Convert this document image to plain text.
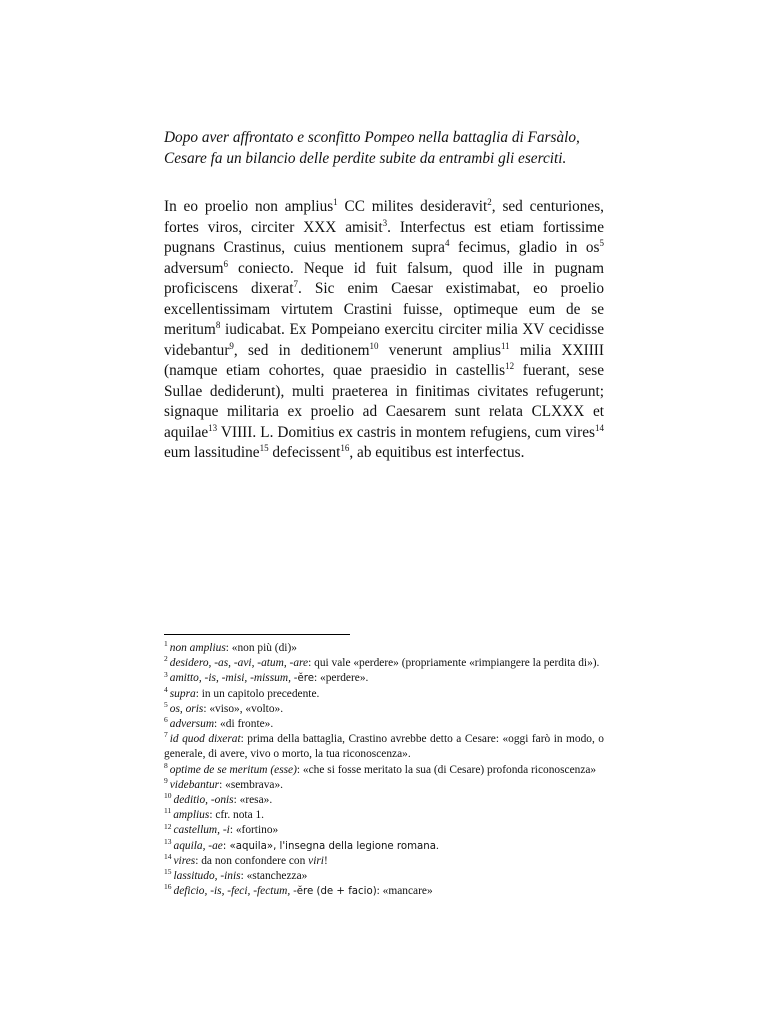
Dopo aver affrontato e sconfitto Pompeo nella battaglia di Farsàlo, Cesare fa un bilancio delle perdite subite da entrambi gli eserciti.
In eo proelio non amplius$^1$ CC milites desideravit$^2$, sed centuriones, fortes viros, circiter XXX amisit$^3$. Interfectus est etiam fortissime pugnans Crastinus, cuius mentionem supra$^4$ fecimus, gladio in $os^5$ adversum$^6$ coniecto. Neque id fuit falsum, quod ille in pugnam proficiscens dixerat$^7$. Sic enim Caesar existimabat, eo proelio excellentissimam virtutem Crastini fuisse, optimeque eum de se meritum$^8$ iudicabat. Ex Pompeiano exercitu circiter milia XV cecidisse videbantur$^9$, sed in deditionem$^{10}$ venerunt amplius$^{11}$ milia XXIIII (namque etiam cohortes, quae praesidio in castellis$^{12}$ fuerant, sese Sullae dediderunt), multi praeterea in finitimas civitates refugerunt; signaque militaria ex proelio ad Caesarem sunt relata CLXXX et aquilae$^{13}$ VIIII. L. Domitius ex castris in montem refugiens, cum vires$^{14}$ eum lassitudine$^{15}$ defecissent$^{16}$, ab equitibus est interfectus.
$^1$ non amplius: «non più (di)»
$^2$ desidero, -as, -avi, -atum, -are: qui vale «perdere» (propriamente «rimpiangere la perdita di»).
$^3$ amitto, -is, -misi, -missum, -ĕre: «perdere».
$^4$ supra: in un capitolo precedente.
$^5$ os, oris: «viso», «volto».
$^6$ adversum: «di fronte».
$^7$ id quod dixerat: prima della battaglia, Crastino avrebbe detto a Cesare: «oggi farò in modo, o generale, di avere, vivo o morto, la tua riconoscenza».
$^8$ optime de se meritum (esse): «che si fosse meritato la sua (di Cesare) profonda riconoscenza»
$^9$ videbantur: «sembrava».
$^{10}$ deditio, -onis: «resa».
$^{11}$ amplius: cfr. nota 1.
$^{12}$ castellum, -i: «fortino»
$^{13}$ aquila, -ae: «aquila», l'insegna della legione romana.
$^{14}$ vires: da non confondere con viri!
$^{15}$ lassitudo, -inis: «stanchezza»
$^{16}$ deficio, -is, -feci, -fectum, -ĕre (de + facio): «mancare»
